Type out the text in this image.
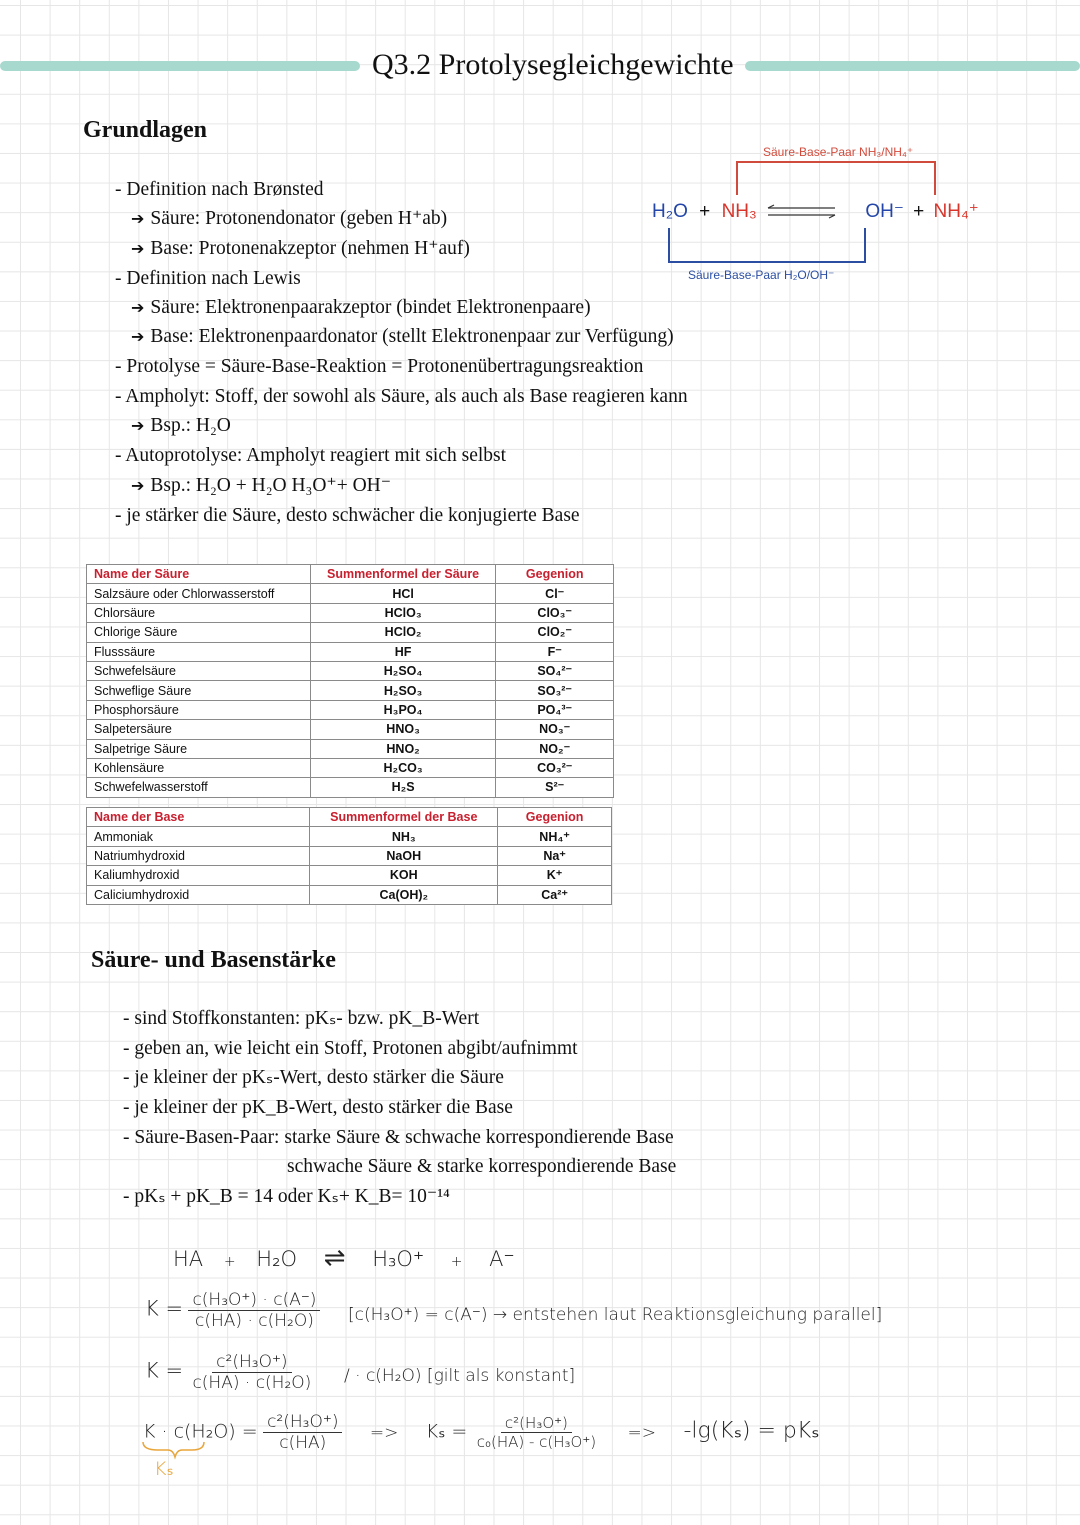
Q3.2 Protolysegleichgewichte
Grundlagen
- Definition nach Brønsted
➔ Säure: Protonendonator (geben H⁺ab)
➔ Base: Protonenakzeptor (nehmen H⁺auf)
- Definition nach Lewis
➔ Säure: Elektronenpaarakzeptor (bindet Elektronenpaare)
➔ Base: Elektronenpaardonator (stellt Elektronenpaar zur Verfügung)
- Protolyse = Säure-Base-Reaktion = Protonenübertragungsreaktion
- Ampholyt: Stoff, der sowohl als Säure, als auch als Base reagieren kann
➔ Bsp.: H₂O
- Autoprotolyse: Ampholyt reagiert mit sich selbst
➔ Bsp.: H₂O + H₂O H₃O⁺+ OH⁻
- je stärker die Säure, desto schwächer die konjugierte Base
Säure-Base-Paar NH₃/NH₄⁺
H₂O + NH₃	OH⁻ + NH₄⁺
Säure-Base-Paar H₂O/OH⁻
Name der Säure	Summenformel der Säure	Gegenion
Salzsäure oder Chlorwasserstoff	HCl	Cl⁻
Chlorsäure	HClO₃	ClO₃⁻
Chlorige Säure	HClO₂	ClO₂⁻
Flusssäure	HF	F⁻
Schwefelsäure	H₂SO₄	SO₄²⁻
Schweflige Säure	H₂SO₃	SO₃²⁻
Phosphorsäure	H₃PO₄	PO₄³⁻
Salpetersäure	HNO₃	NO₃⁻
Salpetrige Säure	HNO₂	NO₂⁻
Kohlensäure	H₂CO₃	CO₃²⁻
Schwefelwasserstoff	H₂S	S²⁻
Name der Base	Summenformel der Base	Gegenion
Ammoniak	NH₃	NH₄⁺
Natriumhydroxid	NaOH	Na⁺
Kaliumhydroxid	KOH	K⁺
Caliciumhydroxid	Ca(OH)₂	Ca²⁺
Säure- und Basenstärke
- sind Stoffkonstanten: pKₛ- bzw. pK_B-Wert
- geben an, wie leicht ein Stoff, Protonen abgibt/aufnimmt
- je kleiner der pKₛ-Wert, desto stärker die Säure
- je kleiner der pK_B-Wert, desto stärker die Base
- Säure-Basen-Paar: starke Säure & schwache korrespondierende Base
schwache Säure & starke korrespondierende Base
- pKₛ + pK_B = 14 oder Kₛ+ K_B= 10⁻¹⁴
HA + H₂O ⇌ H₃O⁺ + A⁻
$K = \frac{\text{c(H₃O⁺) · c(A⁻)}}{\text{c(HA) · c(H₂O)}} [c(H_3O^+) = c(A^-)$ → entstehen laut Reaktionsgleichung parallel]
$K = \frac{\text{c²(H₃O⁺)}}{\text{c(HA) · c(H₂O)}}$ / · c(H₂O) [gilt als konstant]
$K \cdot c(H_2O) = \frac{\text{c²(H₃O⁺)}}{c(HA)} => K_s = \frac{\text{c²(H₃O⁺)}}{\text{c₀(HA) - c(H₃O⁺)}} => -\lg(K_s) = pK_s$
Kₛ
